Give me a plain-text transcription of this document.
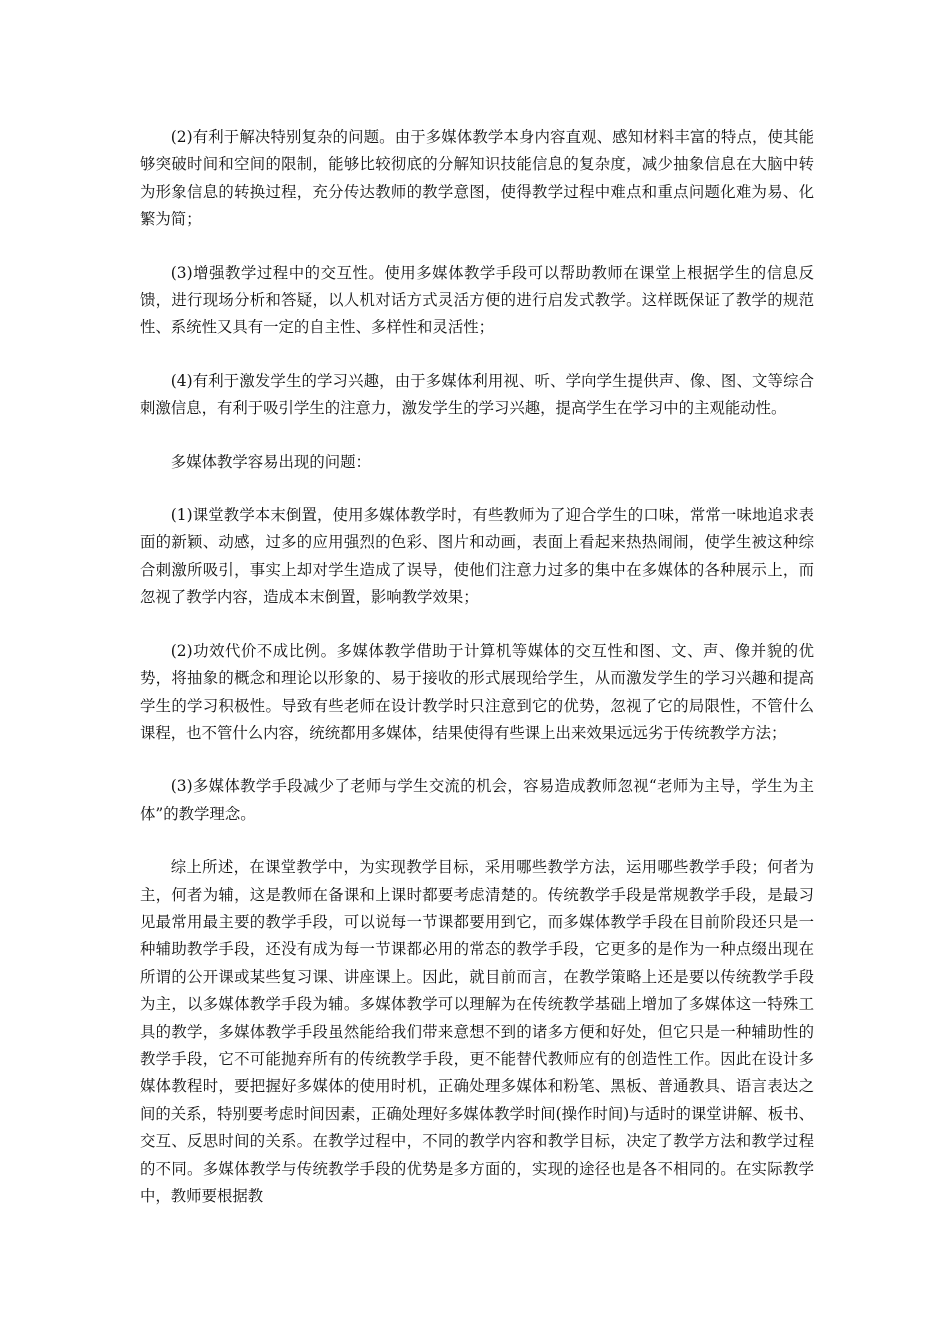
(2)有利于解决特别复杂的问题。由于多媒体教学本身内容直观、感知材料丰富的特点，使其能够突破时间和空间的限制，能够比较彻底的分解知识技能信息的复杂度，减少抽象信息在大脑中转为形象信息的转换过程，充分传达教师的教学意图，使得教学过程中难点和重点问题化难为易、化繁为简；

(3)增强教学过程中的交互性。使用多媒体教学手段可以帮助教师在课堂上根据学生的信息反馈，进行现场分析和答疑，以人机对话方式灵活方便的进行启发式教学。这样既保证了教学的规范性、系统性又具有一定的自主性、多样性和灵活性；

(4)有利于激发学生的学习兴趣，由于多媒体利用视、听、学向学生提供声、像、图、文等综合刺激信息，有利于吸引学生的注意力，激发学生的学习兴趣，提高学生在学习中的主观能动性。

多媒体教学容易出现的问题：

(1)课堂教学本末倒置，使用多媒体教学时，有些教师为了迎合学生的口味，常常一味地追求表面的新颖、动感，过多的应用强烈的色彩、图片和动画，表面上看起来热热闹闹，使学生被这种综合刺激所吸引，事实上却对学生造成了误导，使他们注意力过多的集中在多媒体的各种展示上，而忽视了教学内容，造成本末倒置，影响教学效果；

(2)功效代价不成比例。多媒体教学借助于计算机等媒体的交互性和图、文、声、像并貌的优势，将抽象的概念和理论以形象的、易于接收的形式展现给学生，从而激发学生的学习兴趣和提高学生的学习积极性。导致有些老师在设计教学时只注意到它的优势，忽视了它的局限性，不管什么课程，也不管什么内容，统统都用多媒体，结果使得有些课上出来效果远远劣于传统教学方法；

(3)多媒体教学手段减少了老师与学生交流的机会，容易造成教师忽视“老师为主导，学生为主体”的教学理念。

综上所述，在课堂教学中，为实现教学目标，采用哪些教学方法，运用哪些教学手段；何者为主，何者为辅，这是教师在备课和上课时都要考虑清楚的。传统教学手段是常规教学手段，是最习见最常用最主要的教学手段，可以说每一节课都要用到它，而多媒体教学手段在目前阶段还只是一种辅助教学手段，还没有成为每一节课都必用的常态的教学手段，它更多的是作为一种点缀出现在所谓的公开课或某些复习课、讲座课上。因此，就目前而言，在教学策略上还是要以传统教学手段为主，以多媒体教学手段为辅。多媒体教学可以理解为在传统教学基础上增加了多媒体这一特殊工具的教学，多媒体教学手段虽然能给我们带来意想不到的诸多方便和好处，但它只是一种辅助性的教学手段，它不可能抛弃所有的传统教学手段，更不能替代教师应有的创造性工作。因此在设计多媒体教程时，要把握好多媒体的使用时机，正确处理多媒体和粉笔、黑板、普通教具、语言表达之间的关系，特别要考虑时间因素，正确处理好多媒体教学时间(操作时间)与适时的课堂讲解、板书、交互、反思时间的关系。在教学过程中，不同的教学内容和教学目标，决定了教学方法和教学过程的不同。多媒体教学与传统教学手段的优势是多方面的，实现的途径也是各不相同的。在实际教学中，教师要根据教
